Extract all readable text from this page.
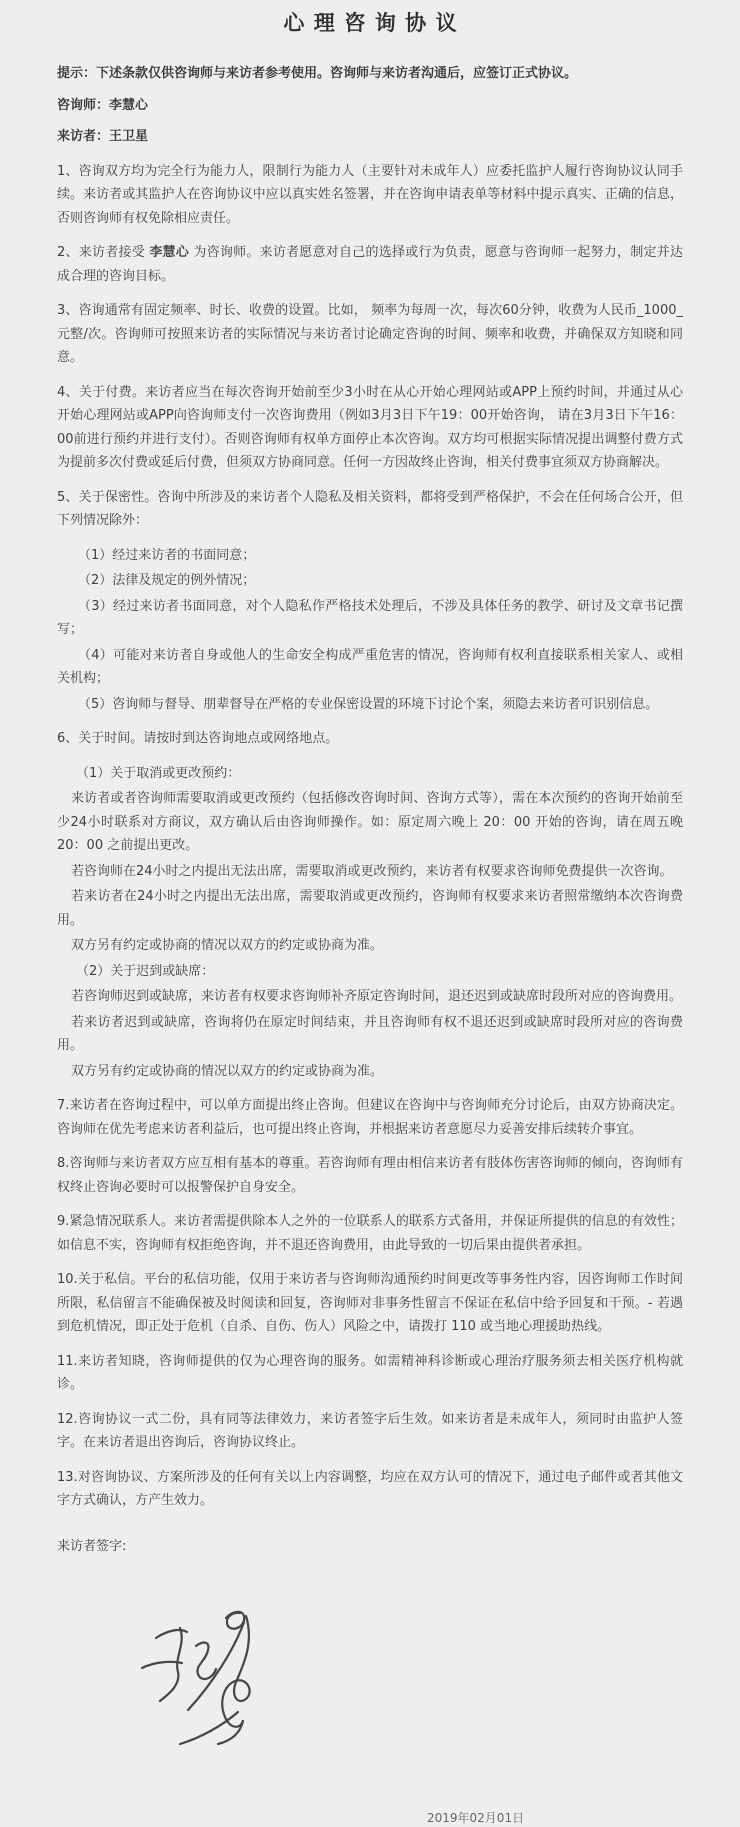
心理咨询协议

提示：下述条款仅供咨询师与来访者参考使用。咨询师与来访者沟通后，应签订正式协议。

咨询师：李慧心

来访者：王卫星

1、咨询双方均为完全行为能力人，限制行为能力人（主要针对未成年人）应委托监护人履行咨询协议认同手续。来访者或其监护人在咨询协议中应以真实姓名签署，并在咨询申请表单等材料中提示真实、正确的信息，否则咨询师有权免除相应责任。

2、来访者接受 李慧心 为咨询师。来访者愿意对自己的选择或行为负责，愿意与咨询师一起努力，制定并达成合理的咨询目标。

3、咨询通常有固定频率、时长、收费的设置。比如， 频率为每周一次，每次60分钟，收费为人民币_1000_元整/次。咨询师可按照来访者的实际情况与来访者讨论确定咨询的时间、频率和收费，并确保双方知晓和同意。

4、关于付费。来访者应当在每次咨询开始前至少3小时在从心开始心理网站或APP上预约时间，并通过从心开始心理网站或APP向咨询师支付一次咨询费用（例如3月3日下午19：00开始咨询， 请在3月3日下午16：00前进行预约并进行支付）。否则咨询师有权单方面停止本次咨询。双方均可根据实际情况提出调整付费方式为提前多次付费或延后付费，但须双方协商同意。任何一方因故终止咨询，相关付费事宜须双方协商解决。

5、关于保密性。咨询中所涉及的来访者个人隐私及相关资料，都将受到严格保护，不会在任何场合公开，但下列情况除外：

（1）经过来访者的书面同意；

（2）法律及规定的例外情况；

（3）经过来访者书面同意，对个人隐私作严格技术处理后，不涉及具体任务的教学、研讨及文章书记撰写；

（4）可能对来访者自身或他人的生命安全构成严重危害的情况，咨询师有权利直接联系相关家人、或相关机构；

（5）咨询师与督导、朋辈督导在严格的专业保密设置的环境下讨论个案，须隐去来访者可识别信息。

6、关于时间。请按时到达咨询地点或网络地点。

（1）关于取消或更改预约：

来访者或者咨询师需要取消或更改预约（包括修改咨询时间、咨询方式等），需在本次预约的咨询开始前至少24小时联系对方商议，双方确认后由咨询师操作。如：原定周六晚上 20：00 开始的咨询，请在周五晚 20：00 之前提出更改。

若咨询师在24小时之内提出无法出席，需要取消或更改预约，来访者有权要求咨询师免费提供一次咨询。

若来访者在24小时之内提出无法出席，需要取消或更改预约，咨询师有权要求来访者照常缴纳本次咨询费用。

双方另有约定或协商的情况以双方的约定或协商为准。

（2）关于迟到或缺席：

若咨询师迟到或缺席，来访者有权要求咨询师补齐原定咨询时间，退还迟到或缺席时段所对应的咨询费用。

若来访者迟到或缺席，咨询将仍在原定时间结束，并且咨询师有权不退还迟到或缺席时段所对应的咨询费用。

双方另有约定或协商的情况以双方的约定或协商为准。

7.来访者在咨询过程中，可以单方面提出终止咨询。但建议在咨询中与咨询师充分讨论后，由双方协商决定。咨询师在优先考虑来访者利益后，也可提出终止咨询，并根据来访者意愿尽力妥善安排后续转介事宜。

8.咨询师与来访者双方应互相有基本的尊重。若咨询师有理由相信来访者有肢体伤害咨询师的倾向，咨询师有权终止咨询必要时可以报警保护自身安全。

9.紧急情况联系人。来访者需提供除本人之外的一位联系人的联系方式备用，并保证所提供的信息的有效性；如信息不实，咨询师有权拒绝咨询，并不退还咨询费用，由此导致的一切后果由提供者承担。

10.关于私信。平台的私信功能，仅用于来访者与咨询师沟通预约时间更改等事务性内容，因咨询师工作时间所限，私信留言不能确保被及时阅读和回复，咨询师对非事务性留言不保证在私信中给予回复和干预。- 若遇到危机情况，即正处于危机（自杀、自伤、伤人）风险之中，请拨打 110 或当地心理援助热线。

11.来访者知晓，咨询师提供的仅为心理咨询的服务。如需精神科诊断或心理治疗服务须去相关医疗机构就诊。

12.咨询协议一式二份，具有同等法律效力，来访者签字后生效。如来访者是未成年人，须同时由监护人签字。在来访者退出咨询后，咨询协议终止。

13.对咨询协议、方案所涉及的任何有关以上内容调整，均应在双方认可的情况下，通过电子邮件或者其他文字方式确认，方产生效力。

来访者签字:

2019年02月01日
